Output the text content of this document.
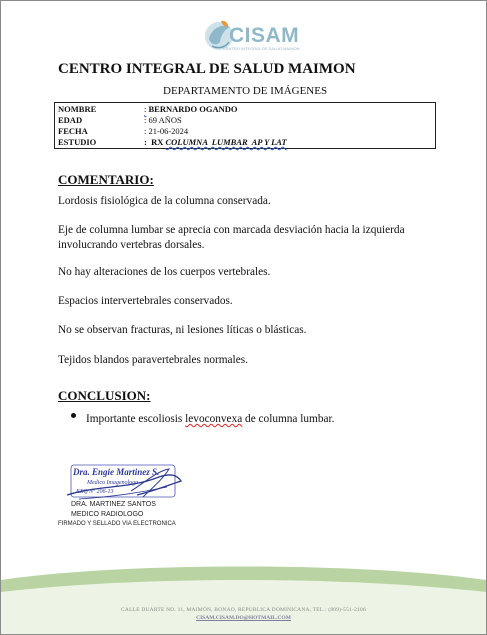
CISAM
CENTRO INTEGRAL DE SALUD MAIMON
CENTRO INTEGRAL DE SALUD MAIMON
DEPARTAMENTO DE IMÁGENES
NOMBRE	: BERNARDO OGANDO
EDAD	: 69 AÑOS
FECHA	: 21-06-2024
ESTUDIO	:  RX COLUMNA  LUMBAR  AP Y LAT
COMENTARIO:
Lordosis fisiológica de la columna conservada.
Eje de columna lumbar se aprecia con marcada desviación hacia la izquierda involucrando vertebras dorsales.
No hay alteraciones de los cuerpos vertebrales.
Espacios intervertebrales conservados.
No se observan fracturas, ni lesiones líticas o blásticas.
Tejidos blandos paravertebrales normales.
CONCLUSION:
Importante escoliosis levoconvexa de columna lumbar.
Dra. Engie Martinez S.
Medico Imagenologo
EXQ Nº 206-13
DRA. MARTINEZ SANTOS
MEDICO RADIOLOGO
FIRMADO Y SELLADO VIA ELECTRONICA
CALLE DUARTE NO. 11, MAIMÓN, BONAO, REPUBLICA DOMINICANA, TEL.: (809)-551-2106
CISAM.CISAM.DO@HOTMAIL.COM
